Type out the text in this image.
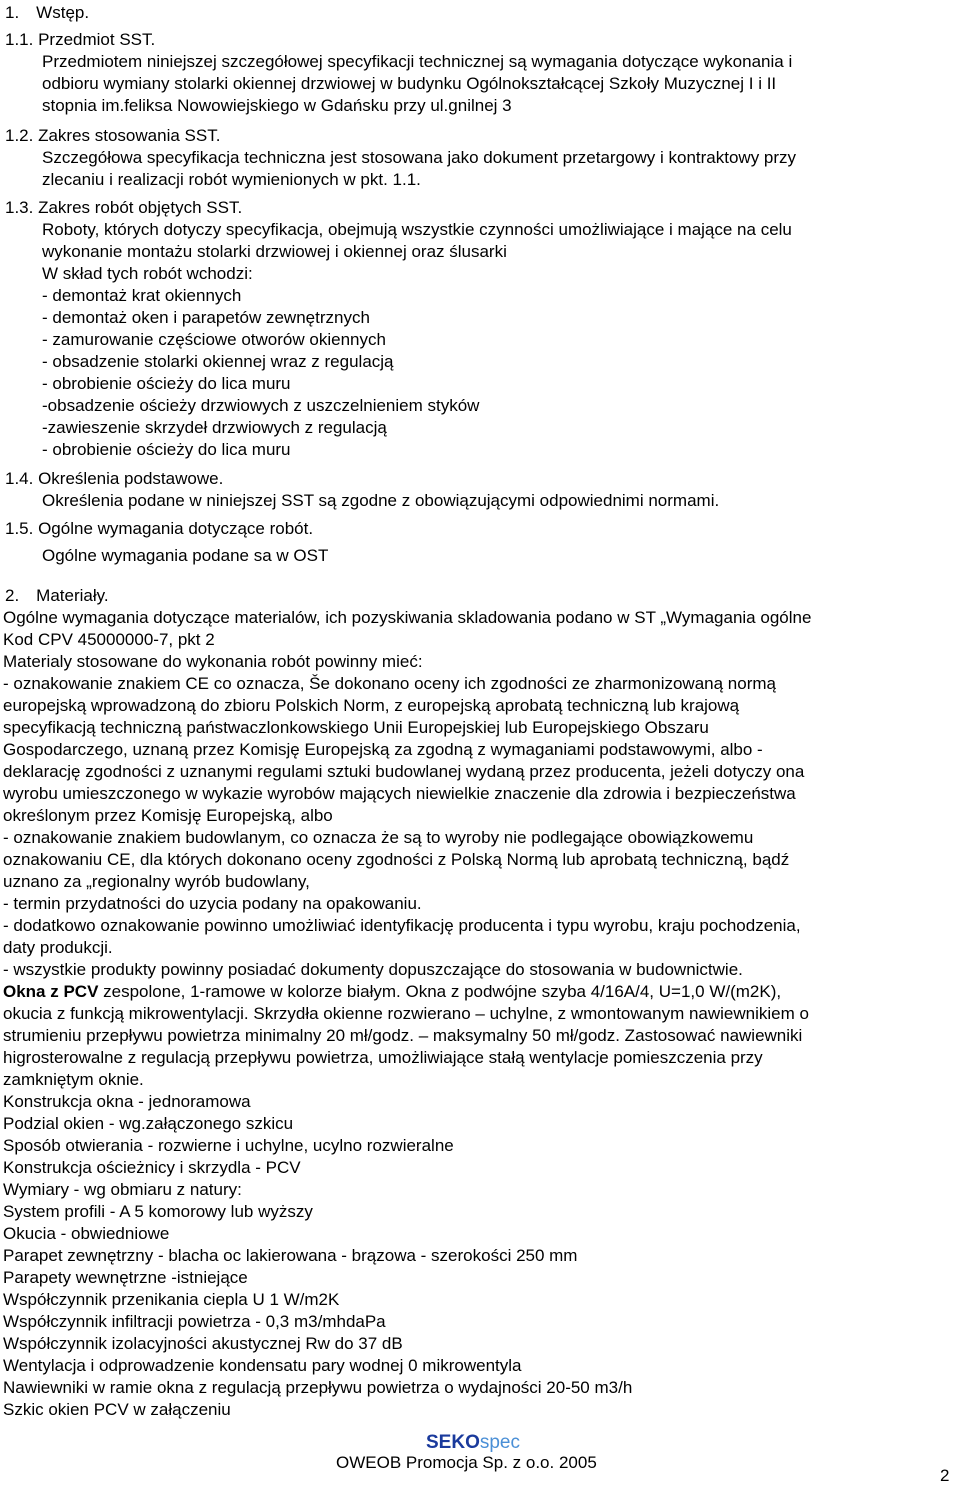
1. Wstęp.
1.1. Przedmiot SST.
Przedmiotem niniejszej szczegółowej specyfikacji technicznej są wymagania dotyczące wykonania i
odbioru wymiany stolarki okiennej drzwiowej w budynku Ogólnokształcącej Szkoły Muzycznej I i II
stopnia im.feliksa Nowowiejskiego w Gdańsku przy ul.gnilnej 3
1.2. Zakres stosowania SST.
Szczegółowa specyfikacja techniczna jest stosowana jako dokument przetargowy i kontraktowy przy
zlecaniu i realizacji robót wymienionych w pkt. 1.1.
1.3. Zakres robót objętych SST.
Roboty, których dotyczy specyfikacja, obejmują wszystkie czynności umożliwiające i mające na celu
wykonanie montażu stolarki drzwiowej i okiennej oraz ślusarki
W skład tych robót wchodzi:
- demontaż krat okiennych
- demontaż oken i parapetów zewnętrznych
- zamurowanie częściowe otworów okiennych
- obsadzenie stolarki okiennej wraz z regulacją
- obrobienie ościeży do lica muru
-obsadzenie ościeży drzwiowych z uszczelnieniem styków
-zawieszenie skrzydeł drzwiowych z regulacją
- obrobienie ościeży do lica muru
1.4. Określenia podstawowe.
Określenia podane w niniejszej SST są zgodne z obowiązującymi odpowiednimi normami.
1.5. Ogólne wymagania dotyczące robót.
Ogólne wymagania podane sa w OST
2. Materiały.
Ogólne wymagania dotyczące materialów, ich pozyskiwania skladowania podano w ST „Wymagania ogólne
Kod CPV 45000000-7, pkt 2
Materialy stosowane do wykonania robót powinny mieć:
- oznakowanie znakiem CE co oznacza, Še dokonano oceny ich zgodności ze zharmonizowaną normą
europejską wprowadzoną do zbioru Polskich Norm, z europejską aprobatą techniczną lub krajową
specyfikacją techniczną państwaczlonkowskiego Unii Europejskiej lub Europejskiego Obszaru
Gospodarczego, uznaną przez Komisję Europejską za zgodną z wymaganiami podstawowymi, albo -
deklarację zgodności z uznanymi regulami sztuki budowlanej wydaną przez producenta, jeżeli dotyczy ona
wyrobu umieszczonego w wykazie wyrobów mających niewielkie znaczenie dla zdrowia i bezpieczeństwa
określonym przez Komisję Europejską, albo
- oznakowanie znakiem budowlanym, co oznacza że są to wyroby nie podlegające obowiązkowemu
oznakowaniu CE, dla których dokonano oceny zgodności z Polską Normą lub aprobatą techniczną, bądź
uznano za „regionalny wyrób budowlany,
- termin przydatności do uzycia podany na opakowaniu.
- dodatkowo oznakowanie powinno umożliwiać identyfikację producenta i typu wyrobu, kraju pochodzenia,
daty produkcji.
- wszystkie produkty powinny posiadać dokumenty dopuszczające do stosowania w budownictwie.
Okna z PCV zespolone, 1-ramowe w kolorze białym. Okna z podwójne szyba 4/16A/4, U=1,0 W/(m2K),
okucia z funkcją mikrowentylacji. Skrzydła okienne rozwierano – uchylne, z wmontowanym nawiewnikiem o
strumieniu przepływu powietrza minimalny 20 mł/godz. – maksymalny 50 mł/godz. Zastosować nawiewniki
higrosterowalne z regulacją przepływu powietrza, umożliwiające stałą wentylacje pomieszczenia przy
zamkniętym oknie.
Konstrukcja okna - jednoramowa
Podzial okien - wg.załączonego szkicu
Sposób otwierania - rozwierne i uchylne, ucylno rozwieralne
Konstrukcja ościeżnicy i skrzydla - PCV
Wymiary - wg obmiaru z natury:
System profili - A 5 komorowy lub wyższy
Okucia - obwiedniowe
Parapet zewnętrzny - blacha oc lakierowana - brązowa - szerokości 250 mm
Parapety wewnętrzne -istniejące
Współczynnik przenikania ciepla U 1 W/m2K
Współczynnik infiltracji powietrza - 0,3 m3/mhdaPa
Współczynnik izolacyjności akustycznej Rw do 37 dB
Wentylacja i odprowadzenie kondensatu pary wodnej 0 mikrowentyla
Nawiewniki w ramie okna z regulacją przepływu powietrza o wydajności 20-50 m3/h
Szkic okien PCV w załączeniu
SEKOspec
OWEOB Promocja Sp. z o.o. 2005
2
